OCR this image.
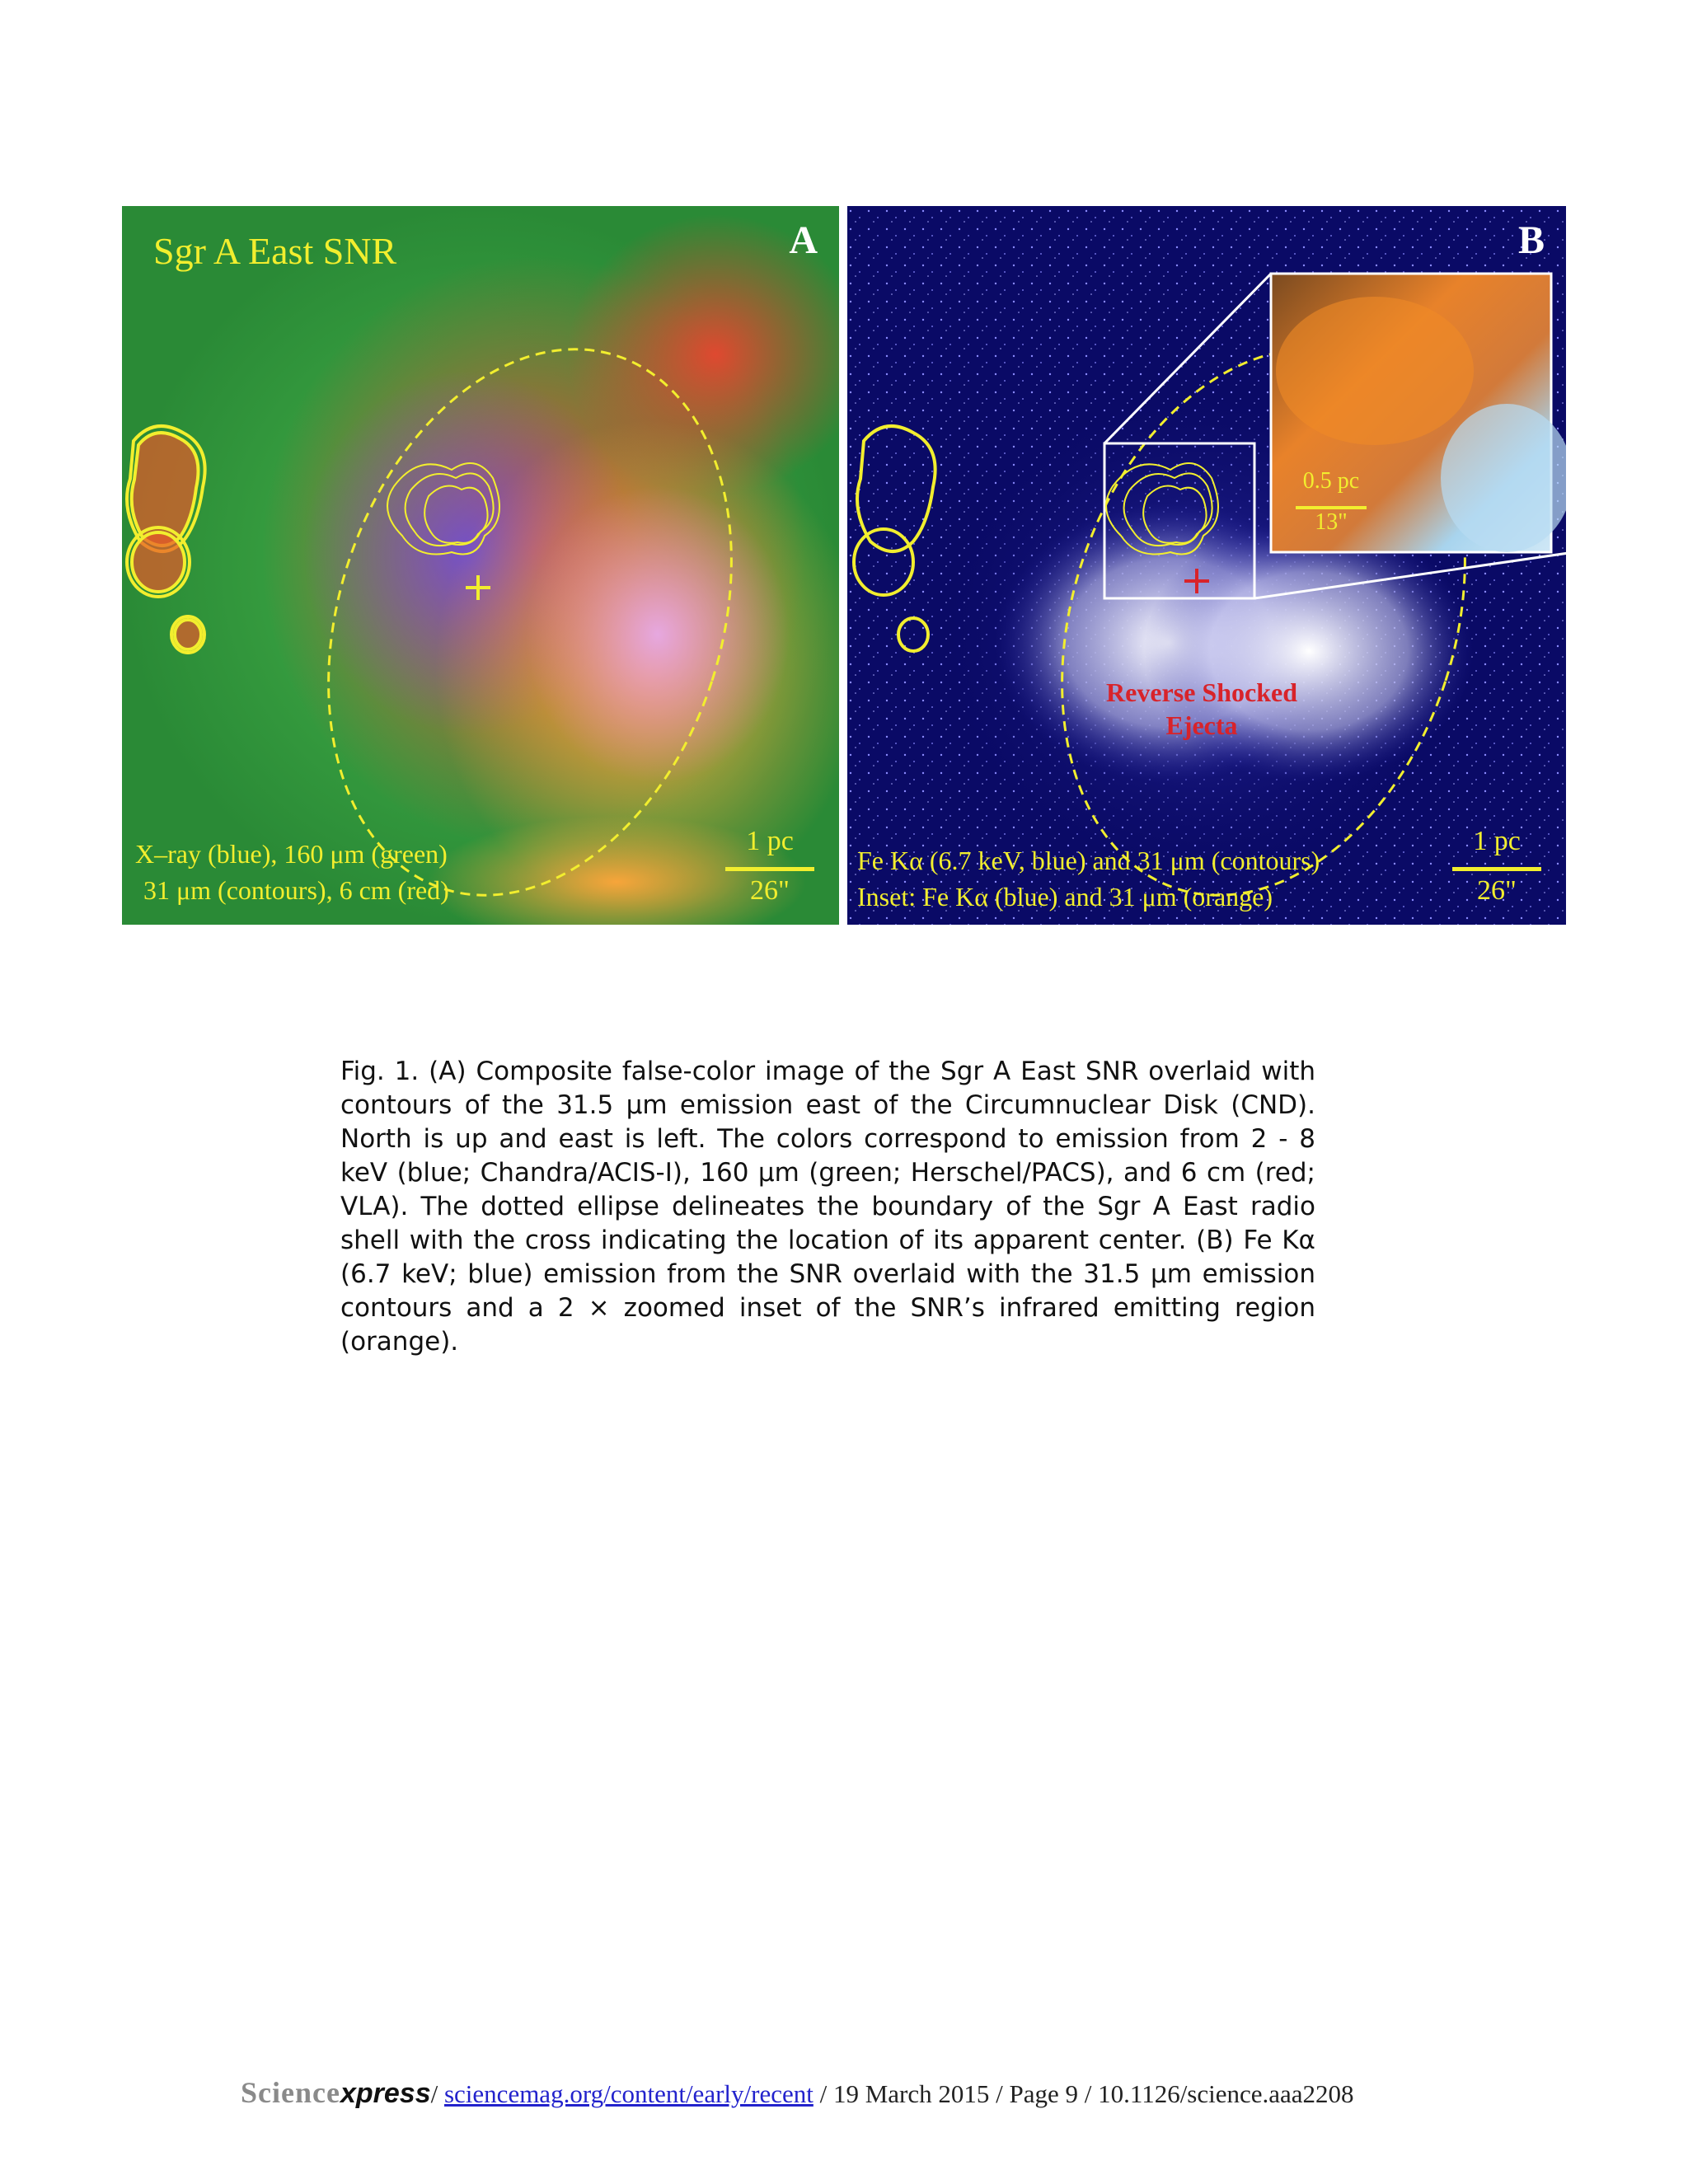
Sgr A East SNR	A
X–ray (blue), 160 μm (green)
31 μm (contours), 6 cm (red)
1 pc
26"
B
0.5 pc
13"
Reverse Shocked
Ejecta
Fe Kα (6.7 keV, blue) and 31 μm (contours)
Inset: Fe Kα (blue) and 31 μm (orange)
1 pc
26"
Fig. 1. (A) Composite false-color image of the Sgr A East SNR overlaid with contours of the 31.5 μm emission east of the Circumnuclear Disk (CND). North is up and east is left. The colors correspond to emission from 2 - 8 keV (blue; Chandra/ACIS-I), 160 μm (green; Herschel/PACS), and 6 cm (red; VLA). The dotted ellipse delineates the boundary of the Sgr A East radio shell with the cross indicating the location of its apparent center. (B) Fe Kα (6.7 keV; blue) emission from the SNR overlaid with the 31.5 μm emission contours and a 2 × zoomed inset of the SNR’s infrared emitting region (orange).
Sciencexpress/ sciencemag.org/content/early/recent / 19 March 2015 / Page 9 / 10.1126/science.aaa2208
